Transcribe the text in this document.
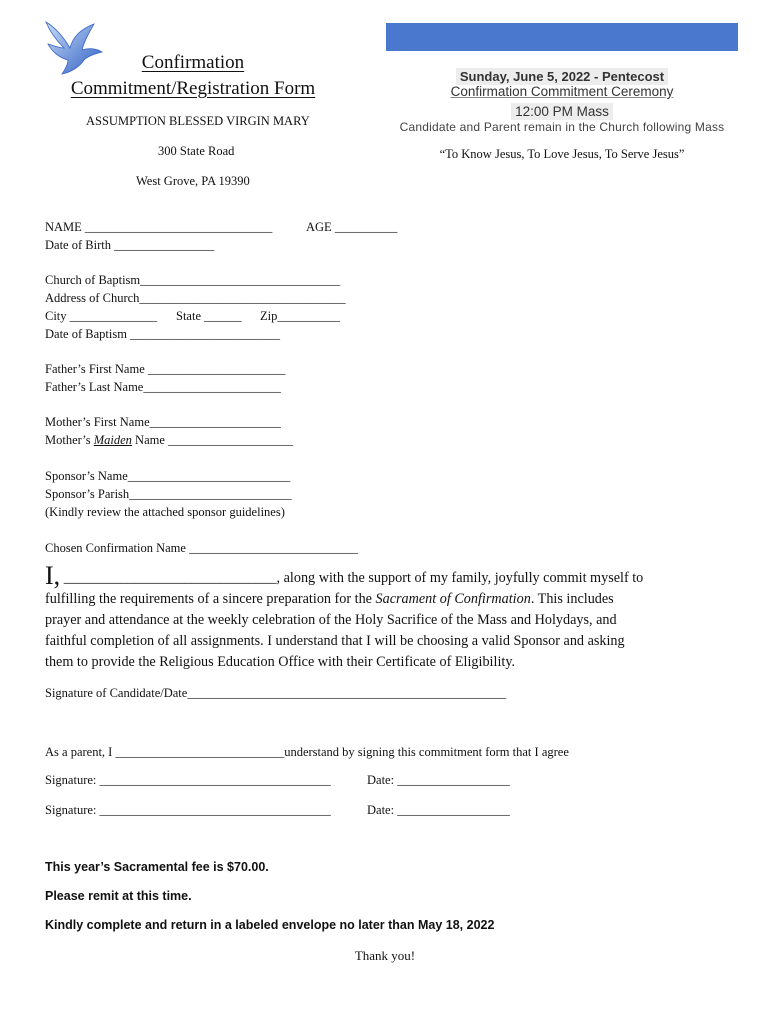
Confirmation
Commitment/Registration Form
ASSUMPTION BLESSED VIRGIN MARY
300 State Road
West Grove, PA 19390
Sunday, June 5, 2022 - Pentecost
Confirmation Commitment Ceremony
12:00 PM Mass
Candidate and Parent remain in the Church following Mass
“To Know Jesus, To Love Jesus, To Serve Jesus”
NAME ______________________________	AGE __________
Date of Birth ________________
Church of Baptism________________________________
Address of Church_________________________________
City ______________ State ______ Zip__________
Date of Baptism ________________________
Father’s First Name ______________________
Father’s Last Name______________________
Mother’s First Name_____________________
Mother’s Maiden Name ____________________
Sponsor’s Name__________________________
Sponsor’s Parish__________________________
(Kindly review the attached sponsor guidelines)
Chosen Confirmation Name ___________________________
I, ______________________________, along with the support of my family, joyfully commit myself to
fulfilling the requirements of a sincere preparation for the Sacrament of Confirmation. This includes
prayer and attendance at the weekly celebration of the Holy Sacrifice of the Mass and Holydays, and
faithful completion of all assignments. I understand that I will be choosing a valid Sponsor and asking
them to provide the Religious Education Office with their Certificate of Eligibility.
Signature of Candidate/Date___________________________________________________
As a parent, I ___________________________understand by signing this commitment form that I agree
Signature: _____________________________________	Date: __________________
Signature: _____________________________________	Date: __________________
This year’s Sacramental fee is $70.00.
Please remit at this time.
Kindly complete and return in a labeled envelope no later than May 18, 2022
Thank you!
